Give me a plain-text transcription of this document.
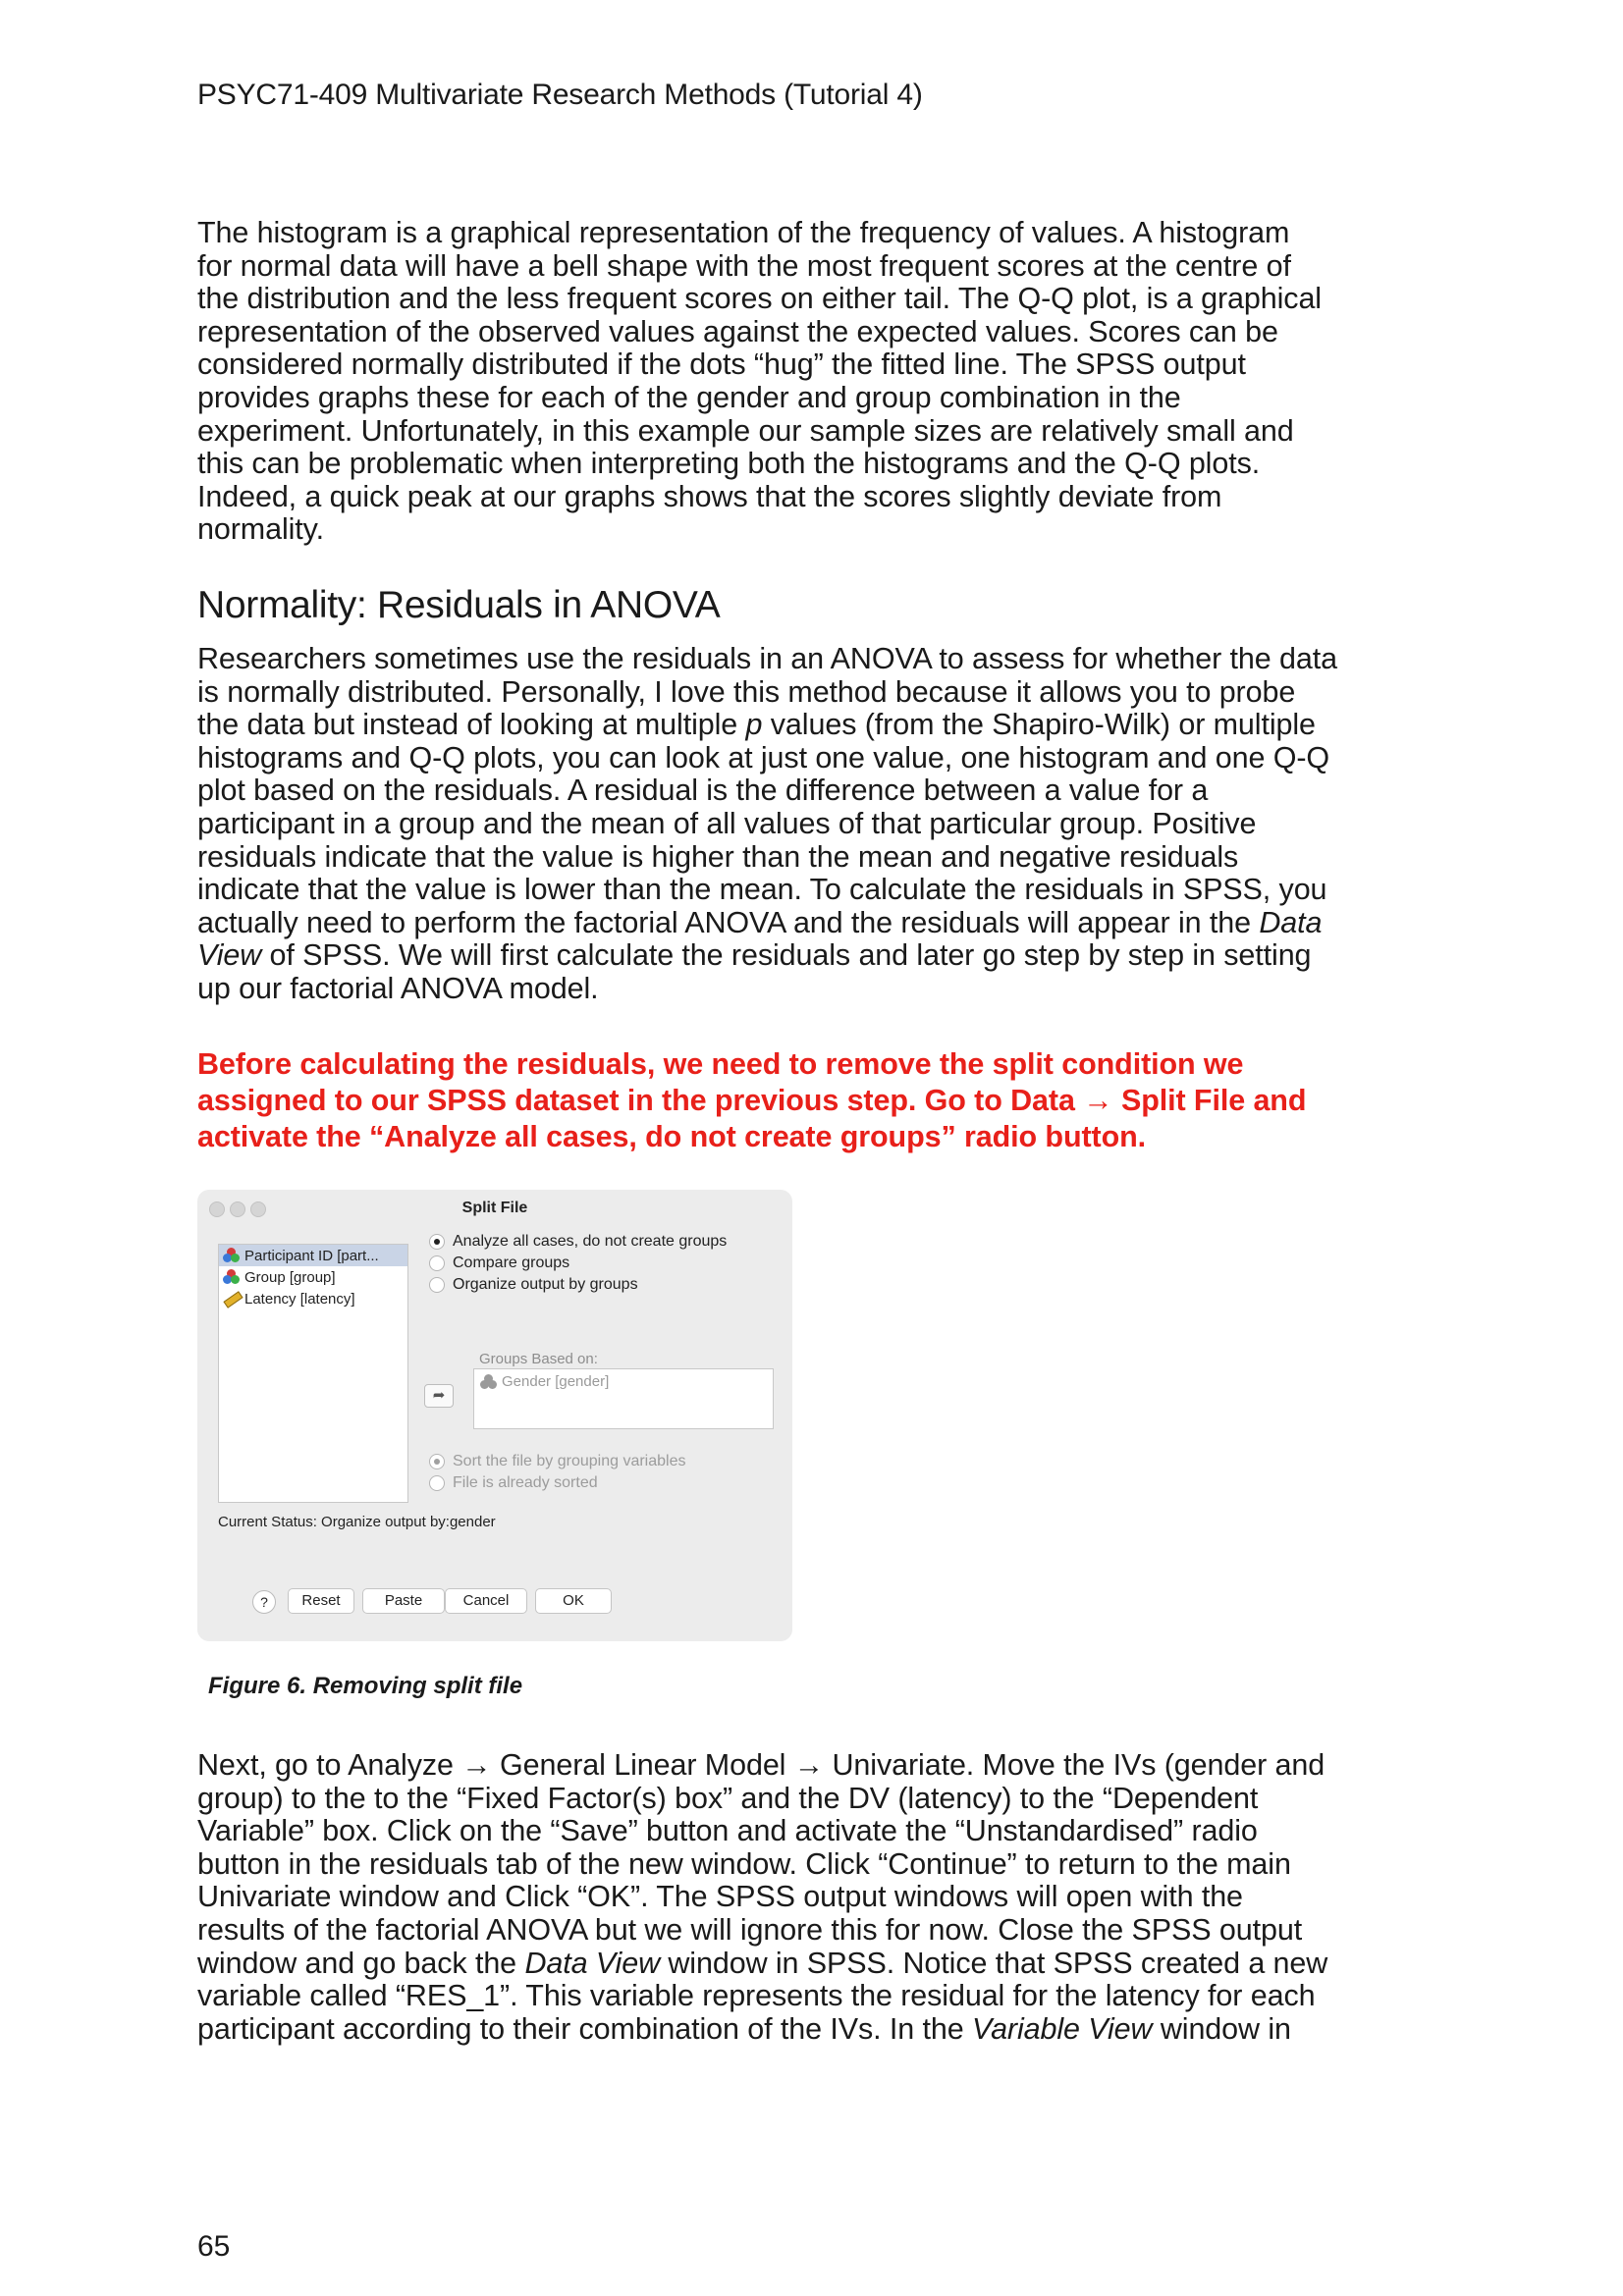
PSYC71-409 Multivariate Research Methods (Tutorial 4)
The histogram is a graphical representation of the frequency of values. A histogram
for normal data will have a bell shape with the most frequent scores at the centre of
the distribution and the less frequent scores on either tail. The Q-Q plot, is a graphical
representation of the observed values against the expected values. Scores can be
considered normally distributed if the dots “hug” the fitted line. The SPSS output
provides graphs these for each of the gender and group combination in the
experiment. Unfortunately, in this example our sample sizes are relatively small and
this can be problematic when interpreting both the histograms and the Q-Q plots.
Indeed, a quick peak at our graphs shows that the scores slightly deviate from
normality.
Normality: Residuals in ANOVA
Researchers sometimes use the residuals in an ANOVA to assess for whether the data
is normally distributed. Personally, I love this method because it allows you to probe
the data but instead of looking at multiple p values (from the Shapiro-Wilk) or multiple
histograms and Q-Q plots, you can look at just one value, one histogram and one Q-Q
plot based on the residuals. A residual is the difference between a value for a
participant in a group and the mean of all values of that particular group. Positive
residuals indicate that the value is higher than the mean and negative residuals
indicate that the value is lower than the mean. To calculate the residuals in SPSS, you
actually need to perform the factorial ANOVA and the residuals will appear in the Data
View of SPSS. We will first calculate the residuals and later go step by step in setting
up our factorial ANOVA model.
Before calculating the residuals, we need to remove the split condition we
assigned to our SPSS dataset in the previous step. Go to Data → Split File and
activate the “Analyze all cases, do not create groups” radio button.
Split File
Participant ID [part...
Group [group]
Latency [latency]
Analyze all cases, do not create groups
Compare groups
Organize output by groups
Groups Based on:
➦
Gender [gender]
Sort the file by grouping variables
File is already sorted
Current Status: Organize output by:gender
?	Reset	Paste	Cancel	OK
Figure 6. Removing split file
Next, go to Analyze → General Linear Model → Univariate. Move the IVs (gender and
group) to the to the “Fixed Factor(s) box” and the DV (latency) to the “Dependent
Variable” box. Click on the “Save” button and activate the “Unstandardised” radio
button in the residuals tab of the new window. Click “Continue” to return to the main
Univariate window and Click “OK”. The SPSS output windows will open with the
results of the factorial ANOVA but we will ignore this for now. Close the SPSS output
window and go back the Data View window in SPSS. Notice that SPSS created a new
variable called “RES_1”. This variable represents the residual for the latency for each
participant according to their combination of the IVs. In the Variable View window in
65
